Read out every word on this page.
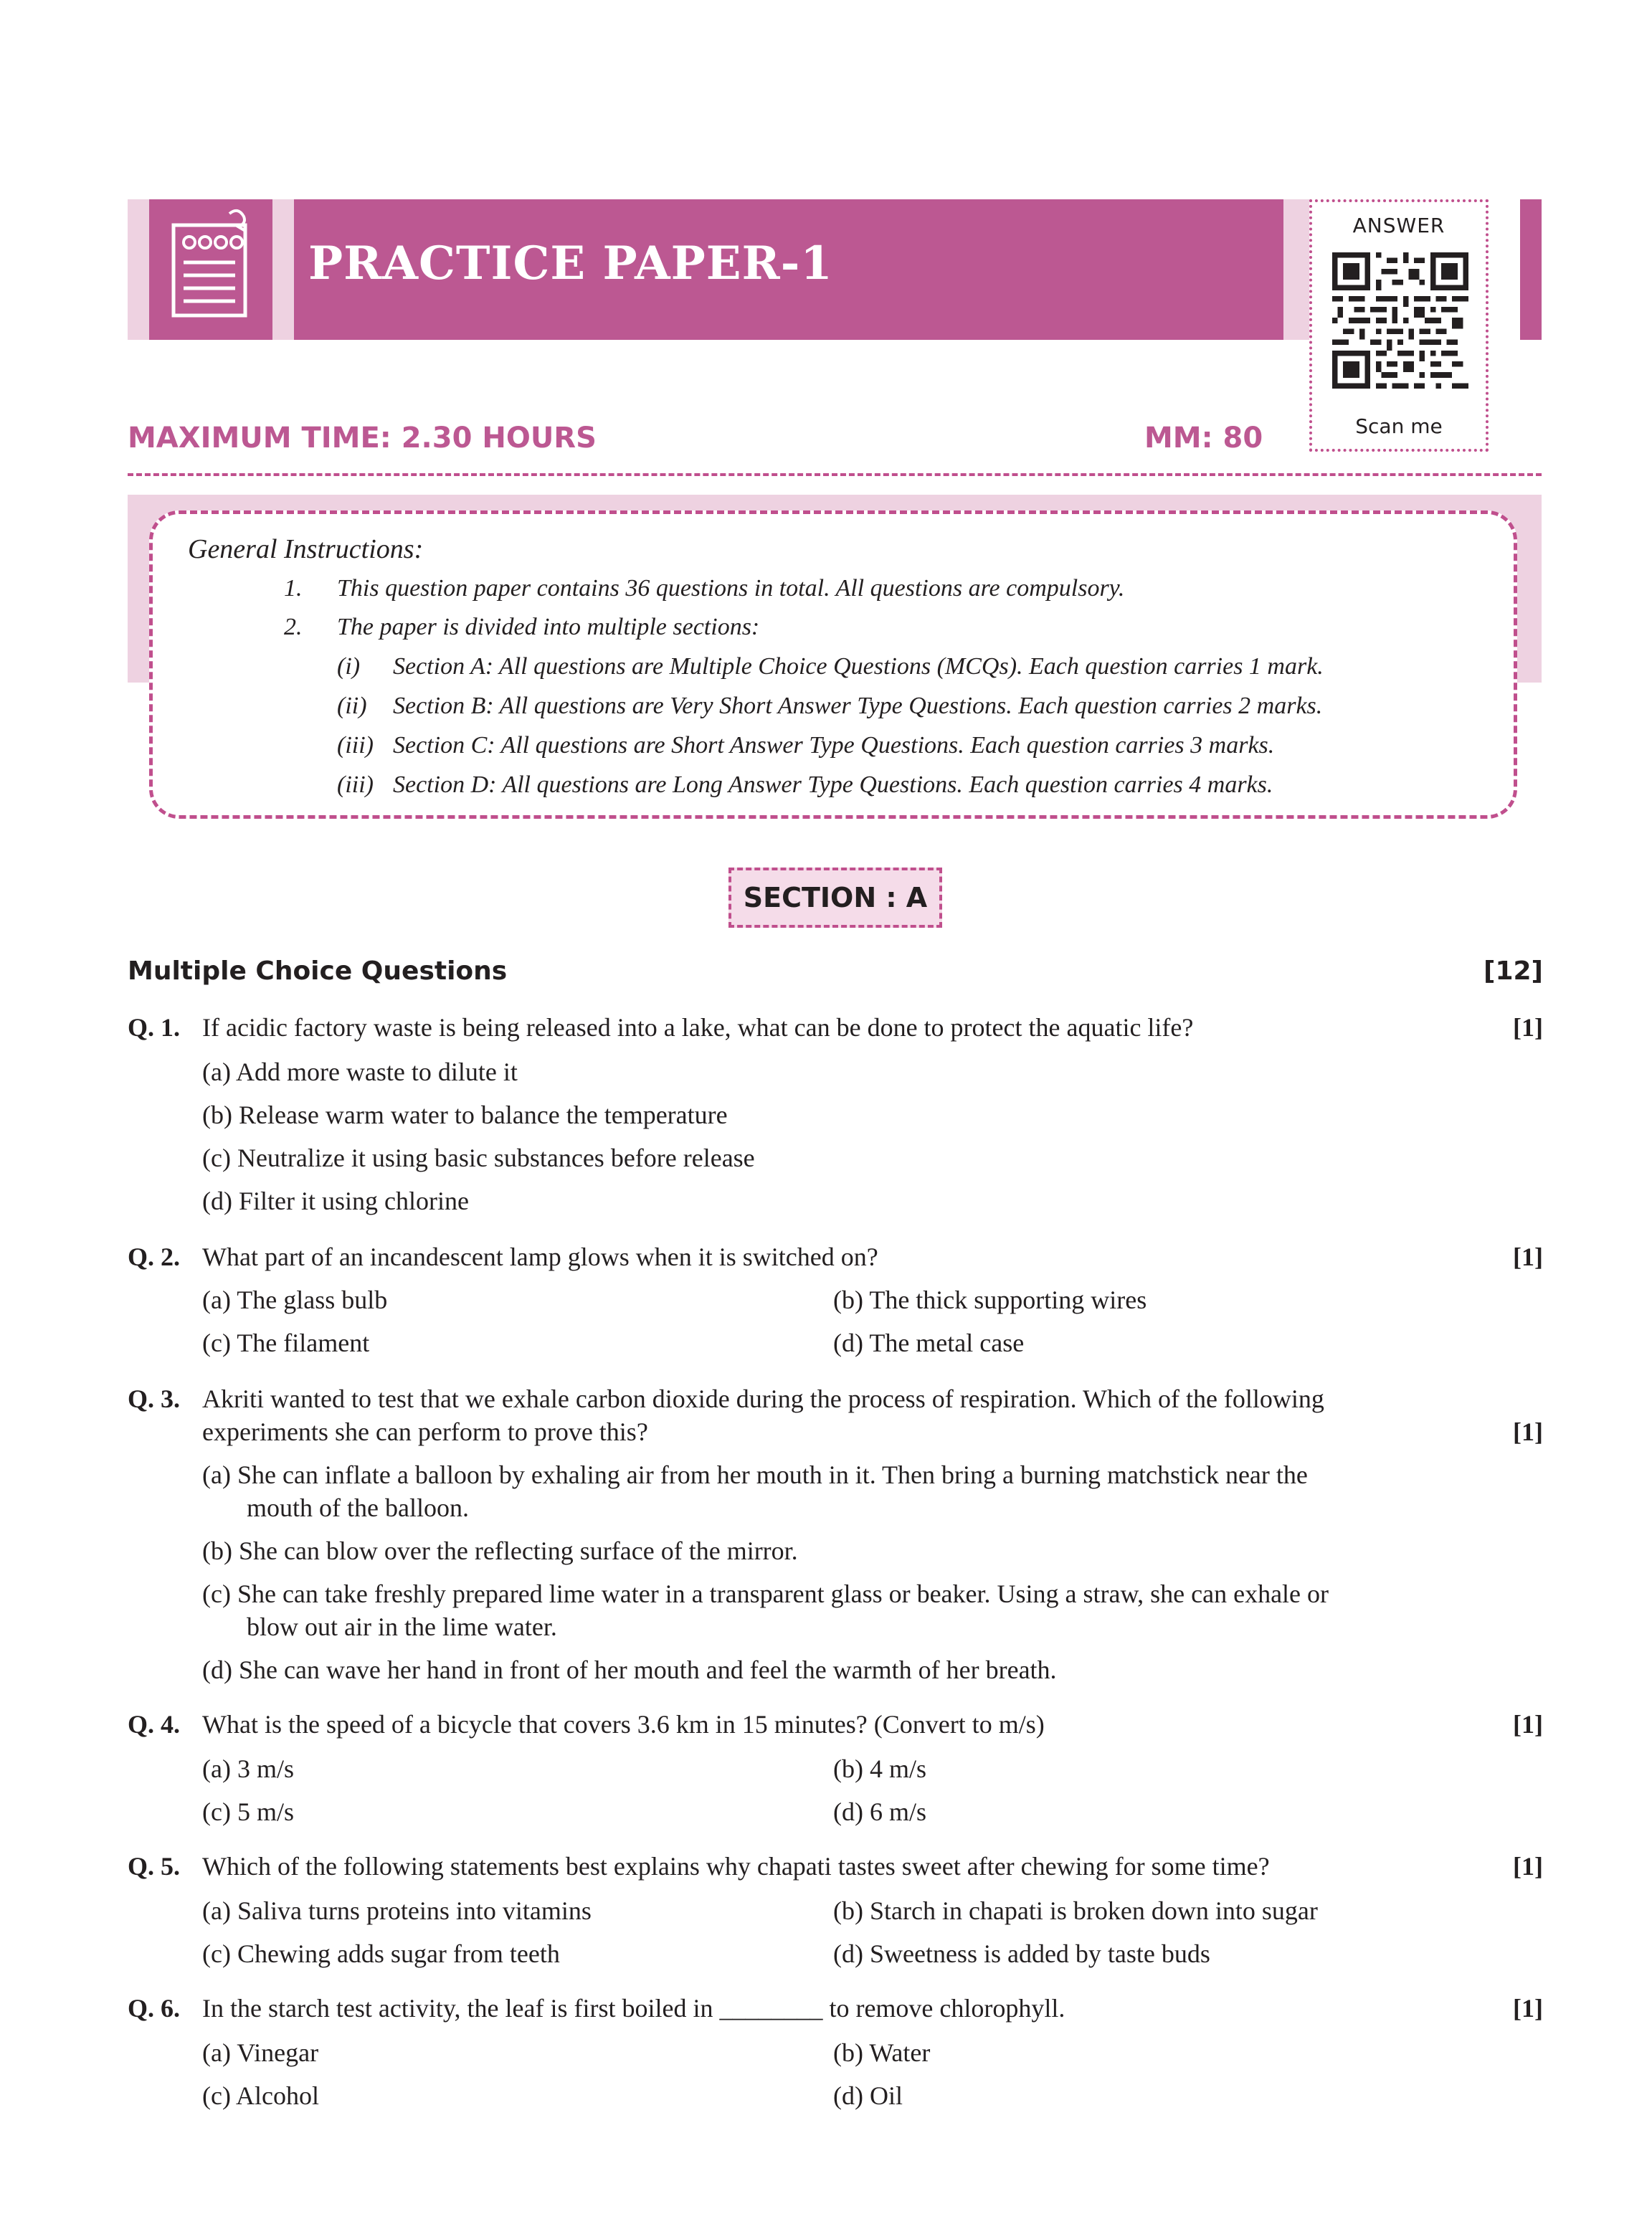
PRACTICE PAPER-1
ANSWER
Scan me
MAXIMUM TIME: 2.30 HOURS	MM: 80
General Instructions:
1. This question paper contains 36 questions in total. All questions are compulsory.
2. The paper is divided into multiple sections:
(i) Section A: All questions are Multiple Choice Questions (MCQs). Each question carries 1 mark.
(ii) Section B: All questions are Very Short Answer Type Questions. Each question carries 2 marks.
(iii) Section C: All questions are Short Answer Type Questions. Each question carries 3 marks.
(iii) Section D: All questions are Long Answer Type Questions. Each question carries 4 marks.
SECTION : A
Multiple Choice Questions	[12]
Q. 1. If acidic factory waste is being released into a lake, what can be done to protect the aquatic life?	[1]
(a) Add more waste to dilute it
(b) Release warm water to balance the temperature
(c) Neutralize it using basic substances before release
(d) Filter it using chlorine
Q. 2. What part of an incandescent lamp glows when it is switched on?	[1]
(a) The glass bulb	(b) The thick supporting wires
(c) The filament	(d) The metal case
Q. 3. Akriti wanted to test that we exhale carbon dioxide during the process of respiration. Which of the following
experiments she can perform to prove this?	[1]
(a) She can inflate a balloon by exhaling air from her mouth in it. Then bring a burning matchstick near the
mouth of the balloon.
(b) She can blow over the reflecting surface of the mirror.
(c) She can take freshly prepared lime water in a transparent glass or beaker. Using a straw, she can exhale or
blow out air in the lime water.
(d) She can wave her hand in front of her mouth and feel the warmth of her breath.
Q. 4. What is the speed of a bicycle that covers 3.6 km in 15 minutes? (Convert to m/s)	[1]
(a) 3 m/s	(b) 4 m/s
(c) 5 m/s	(d) 6 m/s
Q. 5. Which of the following statements best explains why chapati tastes sweet after chewing for some time?	[1]
(a) Saliva turns proteins into vitamins	(b) Starch in chapati is broken down into sugar
(c) Chewing adds sugar from teeth	(d) Sweetness is added by taste buds
Q. 6. In the starch test activity, the leaf is first boiled in ________ to remove chlorophyll.	[1]
(a) Vinegar	(b) Water
(c) Alcohol	(d) Oil
